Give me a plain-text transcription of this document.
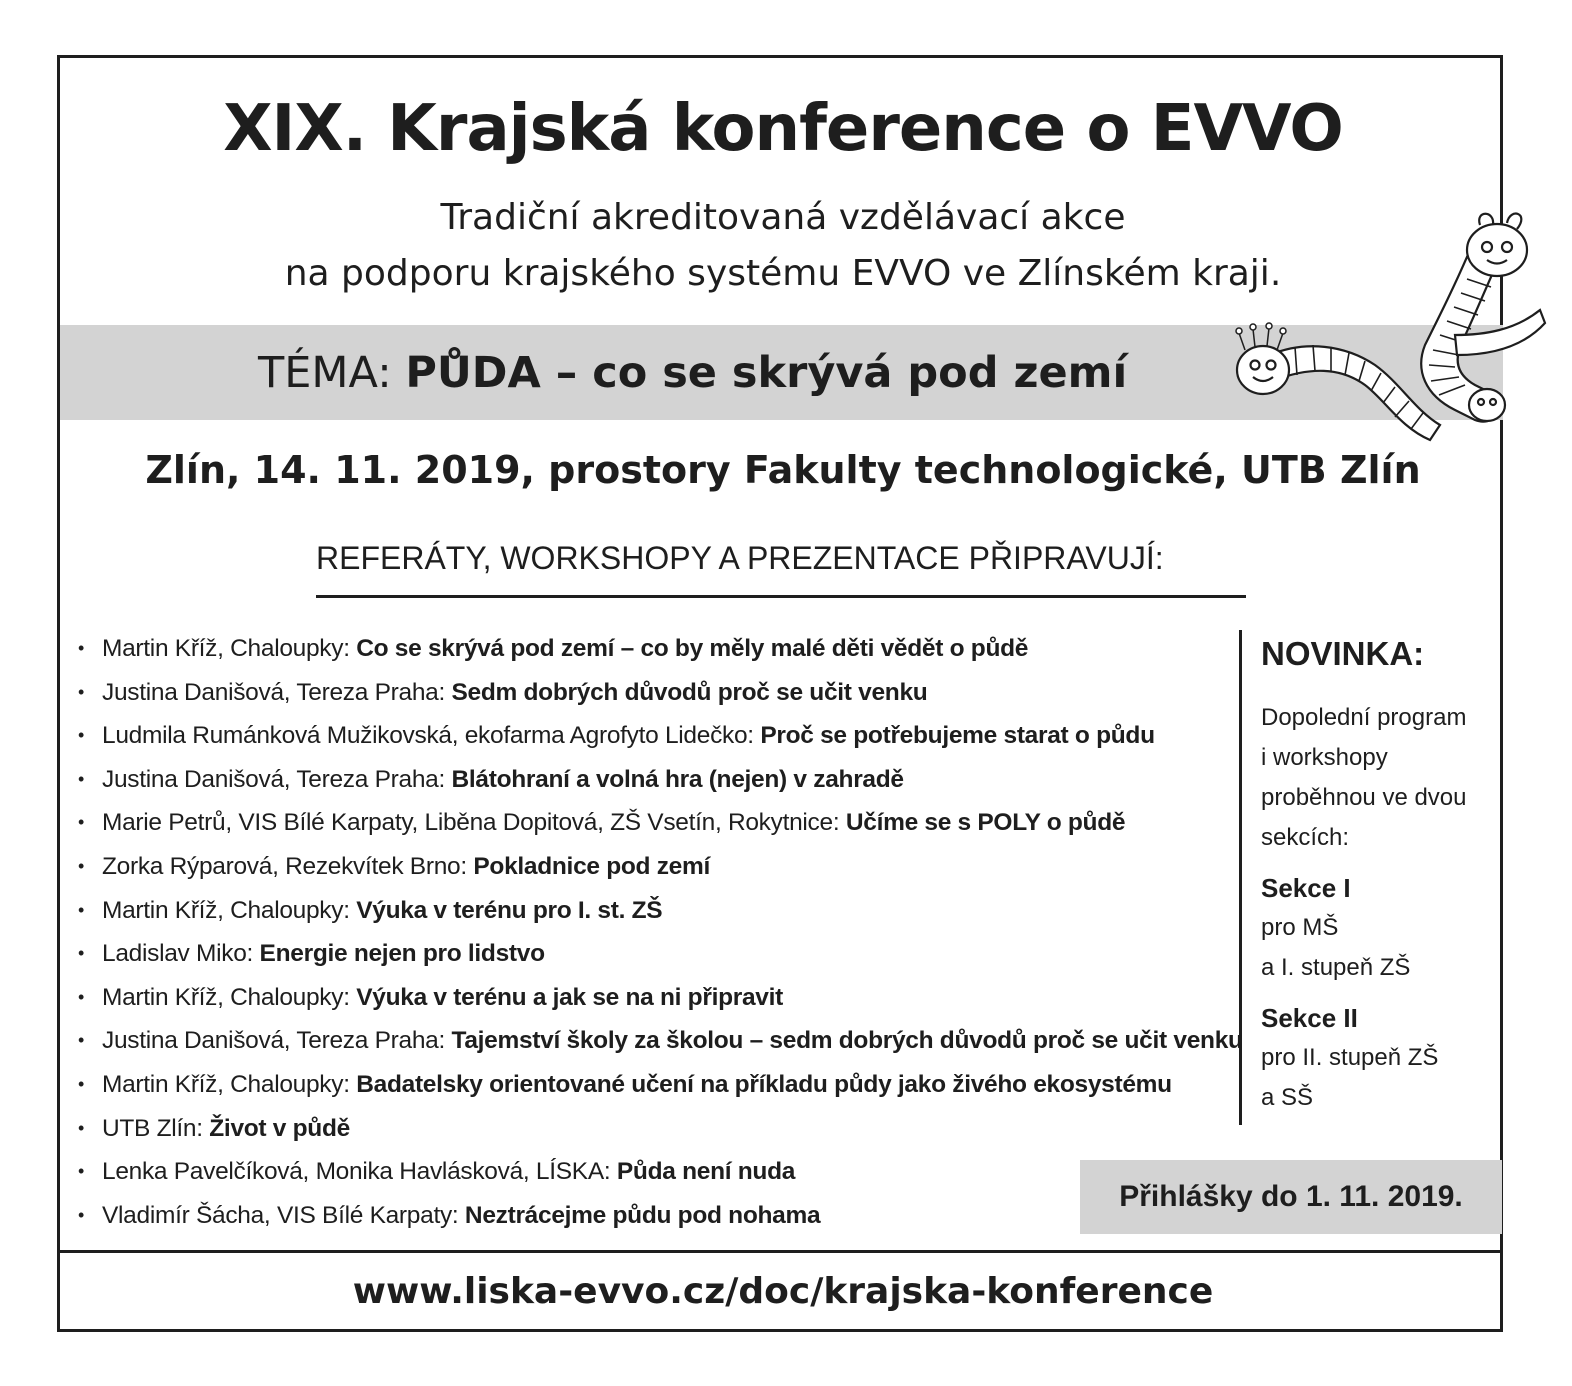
XIX. Krajská konference o EVVO
Tradiční akreditovaná vzdělávací akce
na podporu krajského systému EVVO ve Zlínském kraji.
TÉMA: PŮDA – co se skrývá pod zemí
Zlín, 14. 11. 2019, prostory Fakulty technologické, UTB Zlín
REFERÁTY, WORKSHOPY A PREZENTACE PŘIPRAVUJÍ:
• Martin Kříž, Chaloupky: Co se skrývá pod zemí – co by měly malé děti vědět o půdě
• Justina Danišová, Tereza Praha: Sedm dobrých důvodů proč se učit venku
• Ludmila Rumánková Mužikovská, ekofarma Agrofyto Lidečko: Proč se potřebujeme starat o půdu
• Justina Danišová, Tereza Praha: Blátohraní a volná hra (nejen) v zahradě
• Marie Petrů, VIS Bílé Karpaty, Liběna Dopitová, ZŠ Vsetín, Rokytnice: Učíme se s POLY o půdě
• Zorka Rýparová, Rezekvítek Brno: Pokladnice pod zemí
• Martin Kříž, Chaloupky: Výuka v terénu pro I. st. ZŠ
• Ladislav Miko: Energie nejen pro lidstvo
• Martin Kříž, Chaloupky: Výuka v terénu a jak se na ni připravit
• Justina Danišová, Tereza Praha: Tajemství školy za školou – sedm dobrých důvodů proč se učit venku
• Martin Kříž, Chaloupky: Badatelsky orientované učení na příkladu půdy jako živého ekosystému
• UTB Zlín: Život v půdě
• Lenka Pavelčíková, Monika Havlásková, LÍSKA: Půda není nuda
• Vladimír Šácha, VIS Bílé Karpaty: Neztrácejme půdu pod nohama
NOVINKA:
Dopolední program
i workshopy
proběhnou ve dvou
sekcích:
Sekce I
pro MŠ
a I. stupeň ZŠ
Sekce II
pro II. stupeň ZŠ
a SŠ
Přihlášky do 1. 11. 2019.
www.liska-evvo.cz/doc/krajska-konference
